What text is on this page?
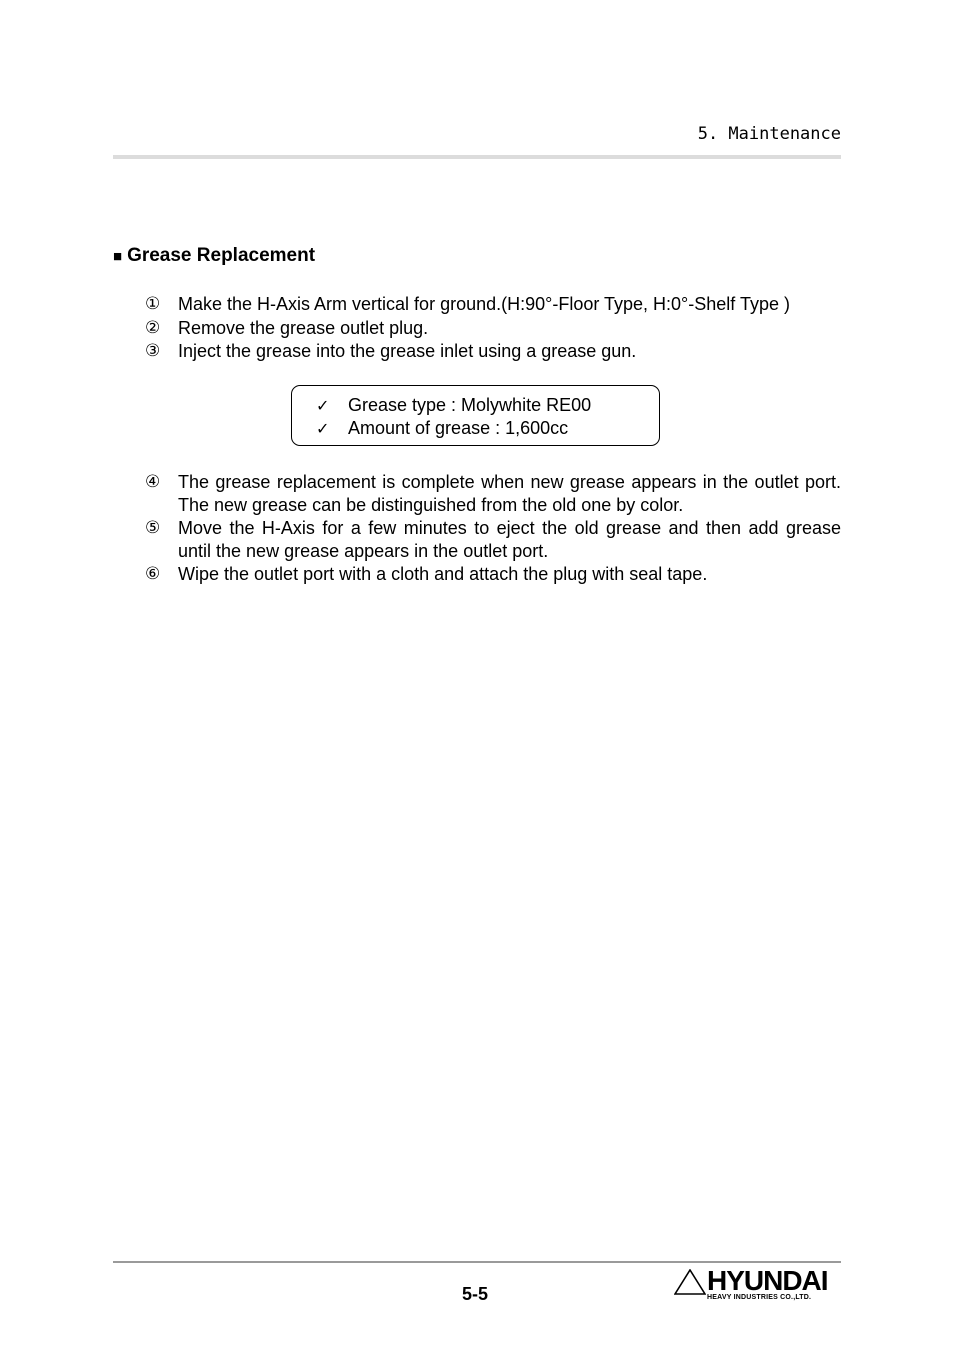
5. Maintenance
■ Grease Replacement
① Make the H-Axis Arm vertical for ground.(H:90°-Floor Type, H:0°-Shelf Type )
② Remove the grease outlet plug.
③ Inject the grease into the grease inlet using a grease gun.
✓ Grease type : Molywhite RE00
✓ Amount of grease : 1,600cc
④ The grease replacement is complete when new grease appears in the outlet port. The new grease can be distinguished from the old one by color.
⑤ Move the H-Axis for a few minutes to eject the old grease and then add grease until the new grease appears in the outlet port.
⑥ Wipe the outlet port with a cloth and attach the plug with seal tape.
5-5	HYUNDAI
HEAVY INDUSTRIES CO.,LTD.
